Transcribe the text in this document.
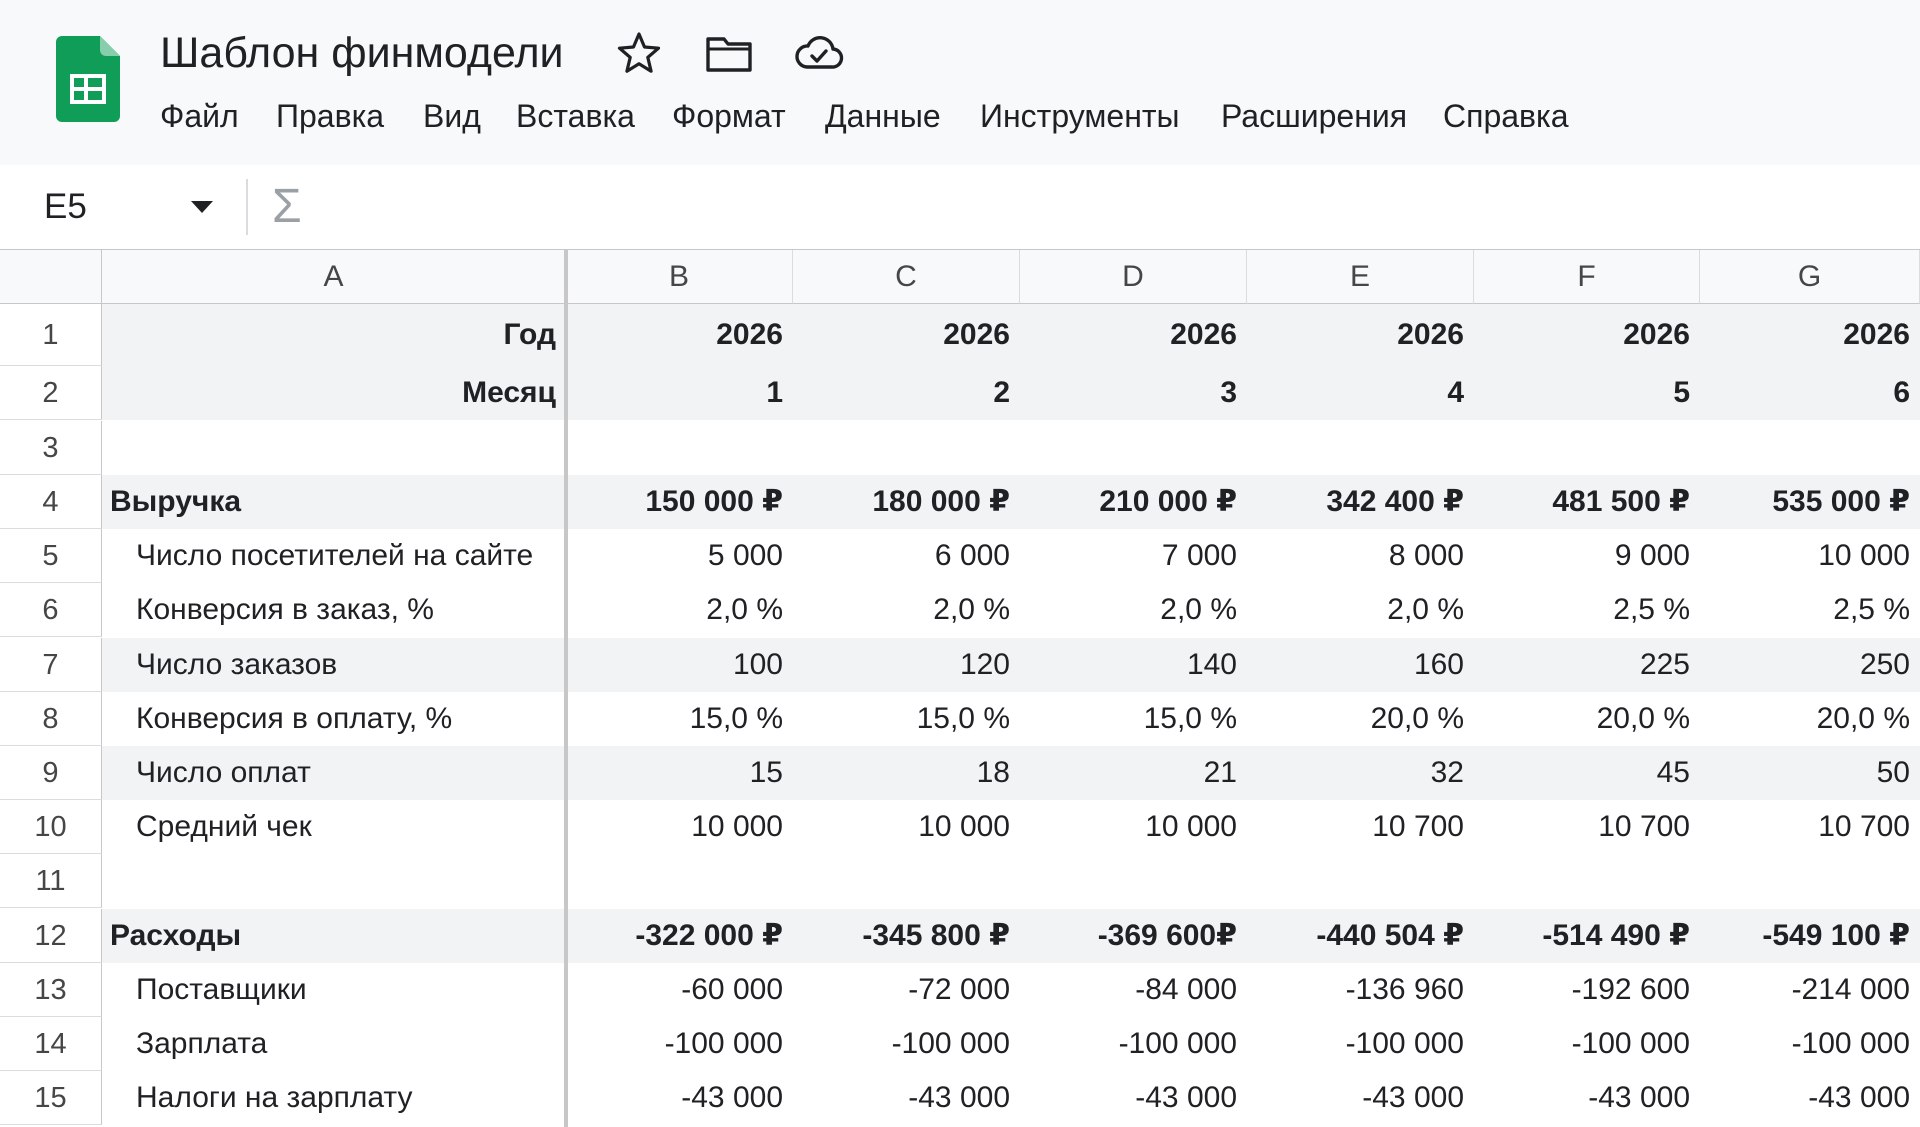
Шаблон финмодели
Файл Правка Вид Вставка Формат Данные Инструменты Расширения Справка
E5	Σ
A	B	C	D	E	F	G
1	Год	2026	2026	2026	2026	2026	2026
2	Месяц	1	2	3	4	5	6
3
4	Выручка	150 000 ₽	180 000 ₽	210 000 ₽	342 400 ₽	481 500 ₽	535 000 ₽
5	Число посетителей на сайте	5 000	6 000	7 000	8 000	9 000	10 000
6	Конверсия в заказ, %	2,0 %	2,0 %	2,0 %	2,0 %	2,5 %	2,5 %
7	Число заказов	100	120	140	160	225	250
8	Конверсия в оплату, %	15,0 %	15,0 %	15,0 %	20,0 %	20,0 %	20,0 %
9	Число оплат	15	18	21	32	45	50
10	Средний чек	10 000	10 000	10 000	10 700	10 700	10 700
11
12	Расходы	-322 000 ₽	-345 800 ₽	-369 600₽	-440 504 ₽	-514 490 ₽	-549 100 ₽
13	Поставщики	-60 000	-72 000	-84 000	-136 960	-192 600	-214 000
14	Зарплата	-100 000	-100 000	-100 000	-100 000	-100 000	-100 000
15	Налоги на зарплату	-43 000	-43 000	-43 000	-43 000	-43 000	-43 000
